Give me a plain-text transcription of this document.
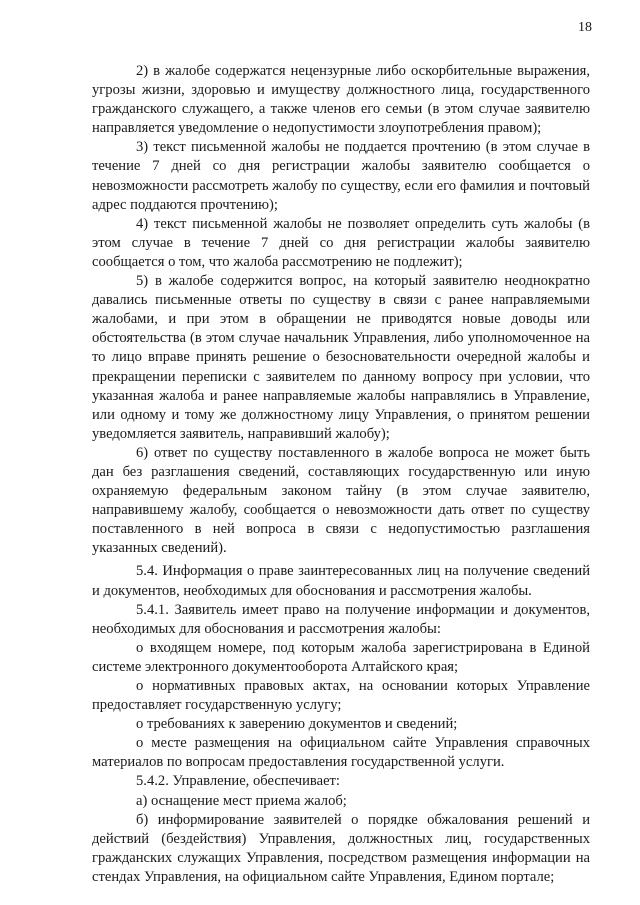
18

2) в жалобе содержатся нецензурные либо оскорбительные выражения, угрозы жизни, здоровью и имуществу должностного лица, государственного гражданского служащего, а также членов его семьи (в этом случае заявителю направляется уведомление о недопустимости злоупотребления правом);

3) текст письменной жалобы не поддается прочтению (в этом случае в течение 7 дней со дня регистрации жалобы заявителю сообщается о невозможности рассмотреть жалобу по существу, если его фамилия и почтовый адрес поддаются прочтению);

4) текст письменной жалобы не позволяет определить суть жалобы (в этом случае в течение 7 дней со дня регистрации жалобы заявителю сообщается о том, что жалоба рассмотрению не подлежит);

5) в жалобе содержится вопрос, на который заявителю неоднократно давались письменные ответы по существу в связи с ранее направляемыми жалобами, и при этом в обращении не приводятся новые доводы или обстоятельства (в этом случае начальник Управления, либо уполномоченное на то лицо вправе принять решение о безосновательности очередной жалобы и прекращении переписки с заявителем по данному вопросу при условии, что указанная жалоба и ранее направляемые жалобы направлялись в Управление, или одному и тому же должностному лицу Управления, о принятом решении уведомляется заявитель, направивший жалобу);

6) ответ по существу поставленного в жалобе вопроса не может быть дан без разглашения сведений, составляющих государственную или иную охраняемую федеральным законом тайну (в этом случае заявителю, направившему жалобу, сообщается о невозможности дать ответ по существу поставленного в ней вопроса в связи с недопустимостью разглашения указанных сведений).

5.4. Информация о праве заинтересованных лиц на получение сведений и документов, необходимых для обоснования и рассмотрения жалобы.

5.4.1. Заявитель имеет право на получение информации и документов, необходимых для обоснования и рассмотрения жалобы:

о входящем номере, под которым жалоба зарегистрирована в Единой системе электронного документооборота Алтайского края;

о нормативных правовых актах, на основании которых Управление предоставляет государственную услугу;

о требованиях к заверению документов и сведений;

о месте размещения на официальном сайте Управления справочных материалов по вопросам предоставления государственной услуги.

5.4.2. Управление, обеспечивает:

а) оснащение мест приема жалоб;

б) информирование заявителей о порядке обжалования решений и действий (бездействия) Управления, должностных лиц, государственных гражданских служащих Управления, посредством размещения информации на стендах Управления, на официальном сайте Управления, Едином портале;
